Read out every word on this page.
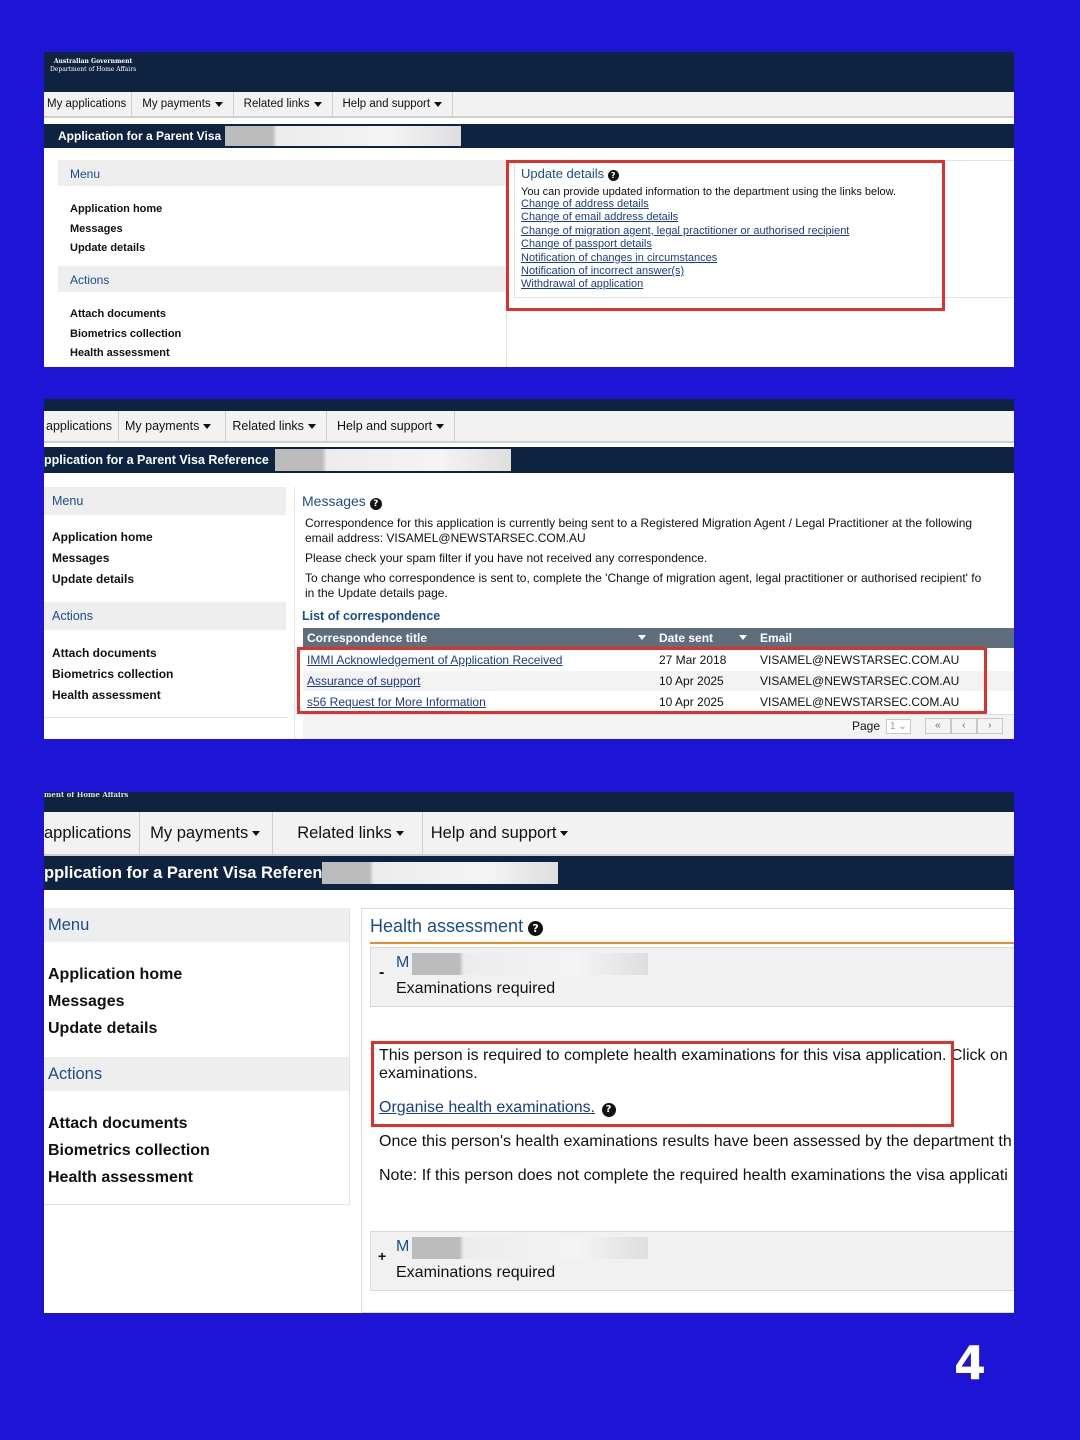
Australian Government
Department of Home Affairs
My applications My payments	Related links	Help and support
Application for a Parent Visa
Menu
Application home
Messages
Update details
Actions
Attach documents
Biometrics collection
Health assessment
Update details ?
You can provide updated information to the department using the links below.
Change of address details
Change of email address details
Change of migration agent, legal practitioner or authorised recipient
Change of passport details
Notification of changes in circumstances
Notification of incorrect answer(s)
Withdrawal of application
applications My payments	Related links	Help and support
pplication for a Parent Visa Reference
Menu
Application home
Messages
Update details
Actions
Attach documents
Biometrics collection
Health assessment
Messages ?
Correspondence for this application is currently being sent to a Registered Migration Agent / Legal Practitioner at the following
email address: VISAMEL@NEWSTARSEC.COM.AU
Please check your spam filter if you have not received any correspondence.
To change who correspondence is sent to, complete the 'Change of migration agent, legal practitioner or authorised recipient' fo
in the Update details page.
List of correspondence
Correspondence title	Date sent	Email
IMMI Acknowledgement of Application Received	27 Mar 2018	VISAMEL@NEWSTARSEC.COM.AU
Assurance of support	10 Apr 2025	VISAMEL@NEWSTARSEC.COM.AU
s56 Request for More Information	10 Apr 2025	VISAMEL@NEWSTARSEC.COM.AU
Page	1 ⌄	«	‹	›
ment of Home Affairs
applications My payments	Related links Help and support
pplication for a Parent Visa Referen
Menu
Application home
Messages
Update details
Actions
Attach documents
Biometrics collection
Health assessment
Health assessment ?
-
M
Examinations required
This person is required to complete health examinations for this visa application. Click on
examinations.
Organise health examinations. ?
Once this person's health examinations results have been assessed by the department th
Note: If this person does not complete the required health examinations the visa applicati
+
M
Examinations required
4
